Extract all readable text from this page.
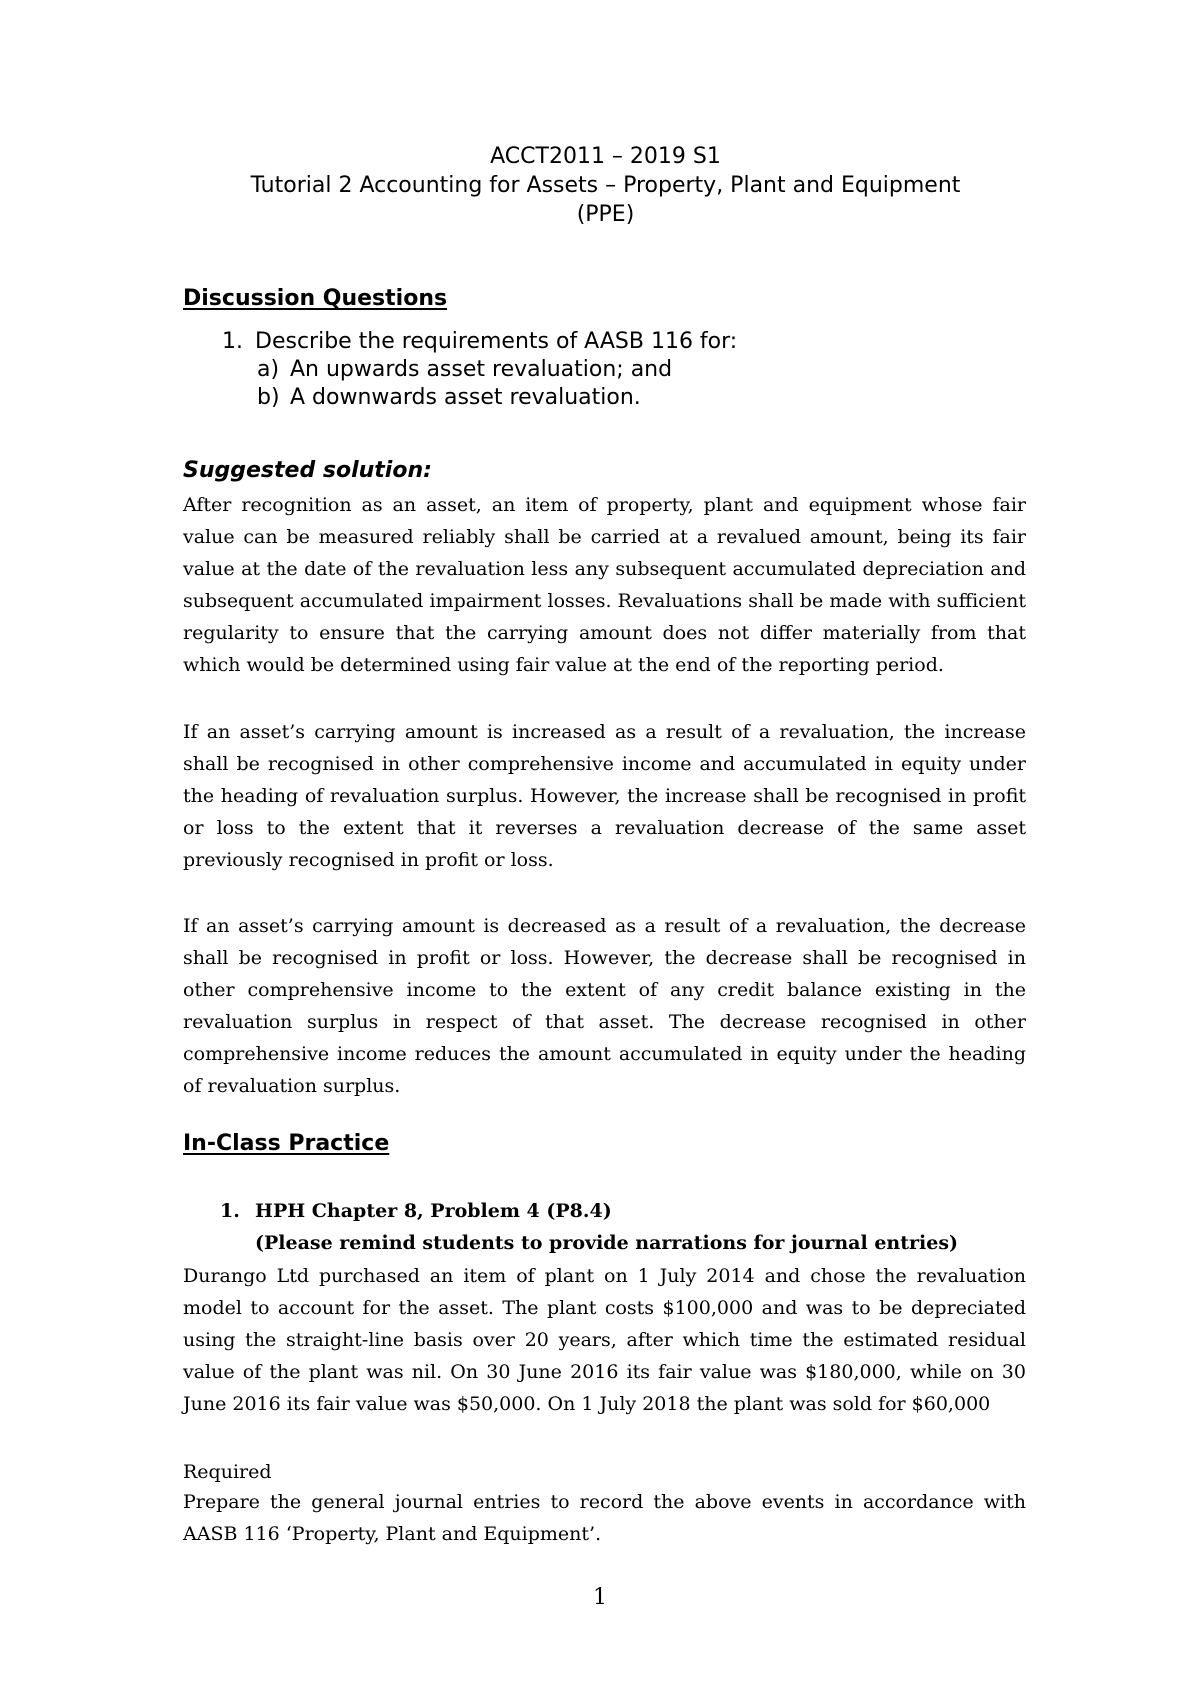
ACCT2011 – 2019 S1
Tutorial 2 Accounting for Assets – Property, Plant and Equipment
(PPE)
Discussion Questions
1. Describe the requirements of AASB 116 for:
a) An upwards asset revaluation; and
b) A downwards asset revaluation.
Suggested solution:
After recognition as an asset, an item of property, plant and equipment whose fair value can be measured reliably shall be carried at a revalued amount, being its fair value at the date of the revaluation less any subsequent accumulated depreciation and subsequent accumulated impairment losses. Revaluations shall be made with sufficient regularity to ensure that the carrying amount does not differ materially from that which would be determined using fair value at the end of the reporting period.
If an asset’s carrying amount is increased as a result of a revaluation, the increase shall be recognised in other comprehensive income and accumulated in equity under the heading of revaluation surplus. However, the increase shall be recognised in profit or loss to the extent that it reverses a revaluation decrease of the same asset previously recognised in profit or loss.
If an asset’s carrying amount is decreased as a result of a revaluation, the decrease shall be recognised in profit or loss. However, the decrease shall be recognised in other comprehensive income to the extent of any credit balance existing in the revaluation surplus in respect of that asset. The decrease recognised in other comprehensive income reduces the amount accumulated in equity under the heading of revaluation surplus.
In-Class Practice
1. HPH Chapter 8, Problem 4 (P8.4)
(Please remind students to provide narrations for journal entries)
Durango Ltd purchased an item of plant on 1 July 2014 and chose the revaluation model to account for the asset. The plant costs $100,000 and was to be depreciated using the straight-line basis over 20 years, after which time the estimated residual value of the plant was nil. On 30 June 2016 its fair value was $180,000, while on 30 June 2016 its fair value was $50,000. On 1 July 2018 the plant was sold for $60,000
Required
Prepare the general journal entries to record the above events in accordance with AASB 116 ‘Property, Plant and Equipment’.
1
